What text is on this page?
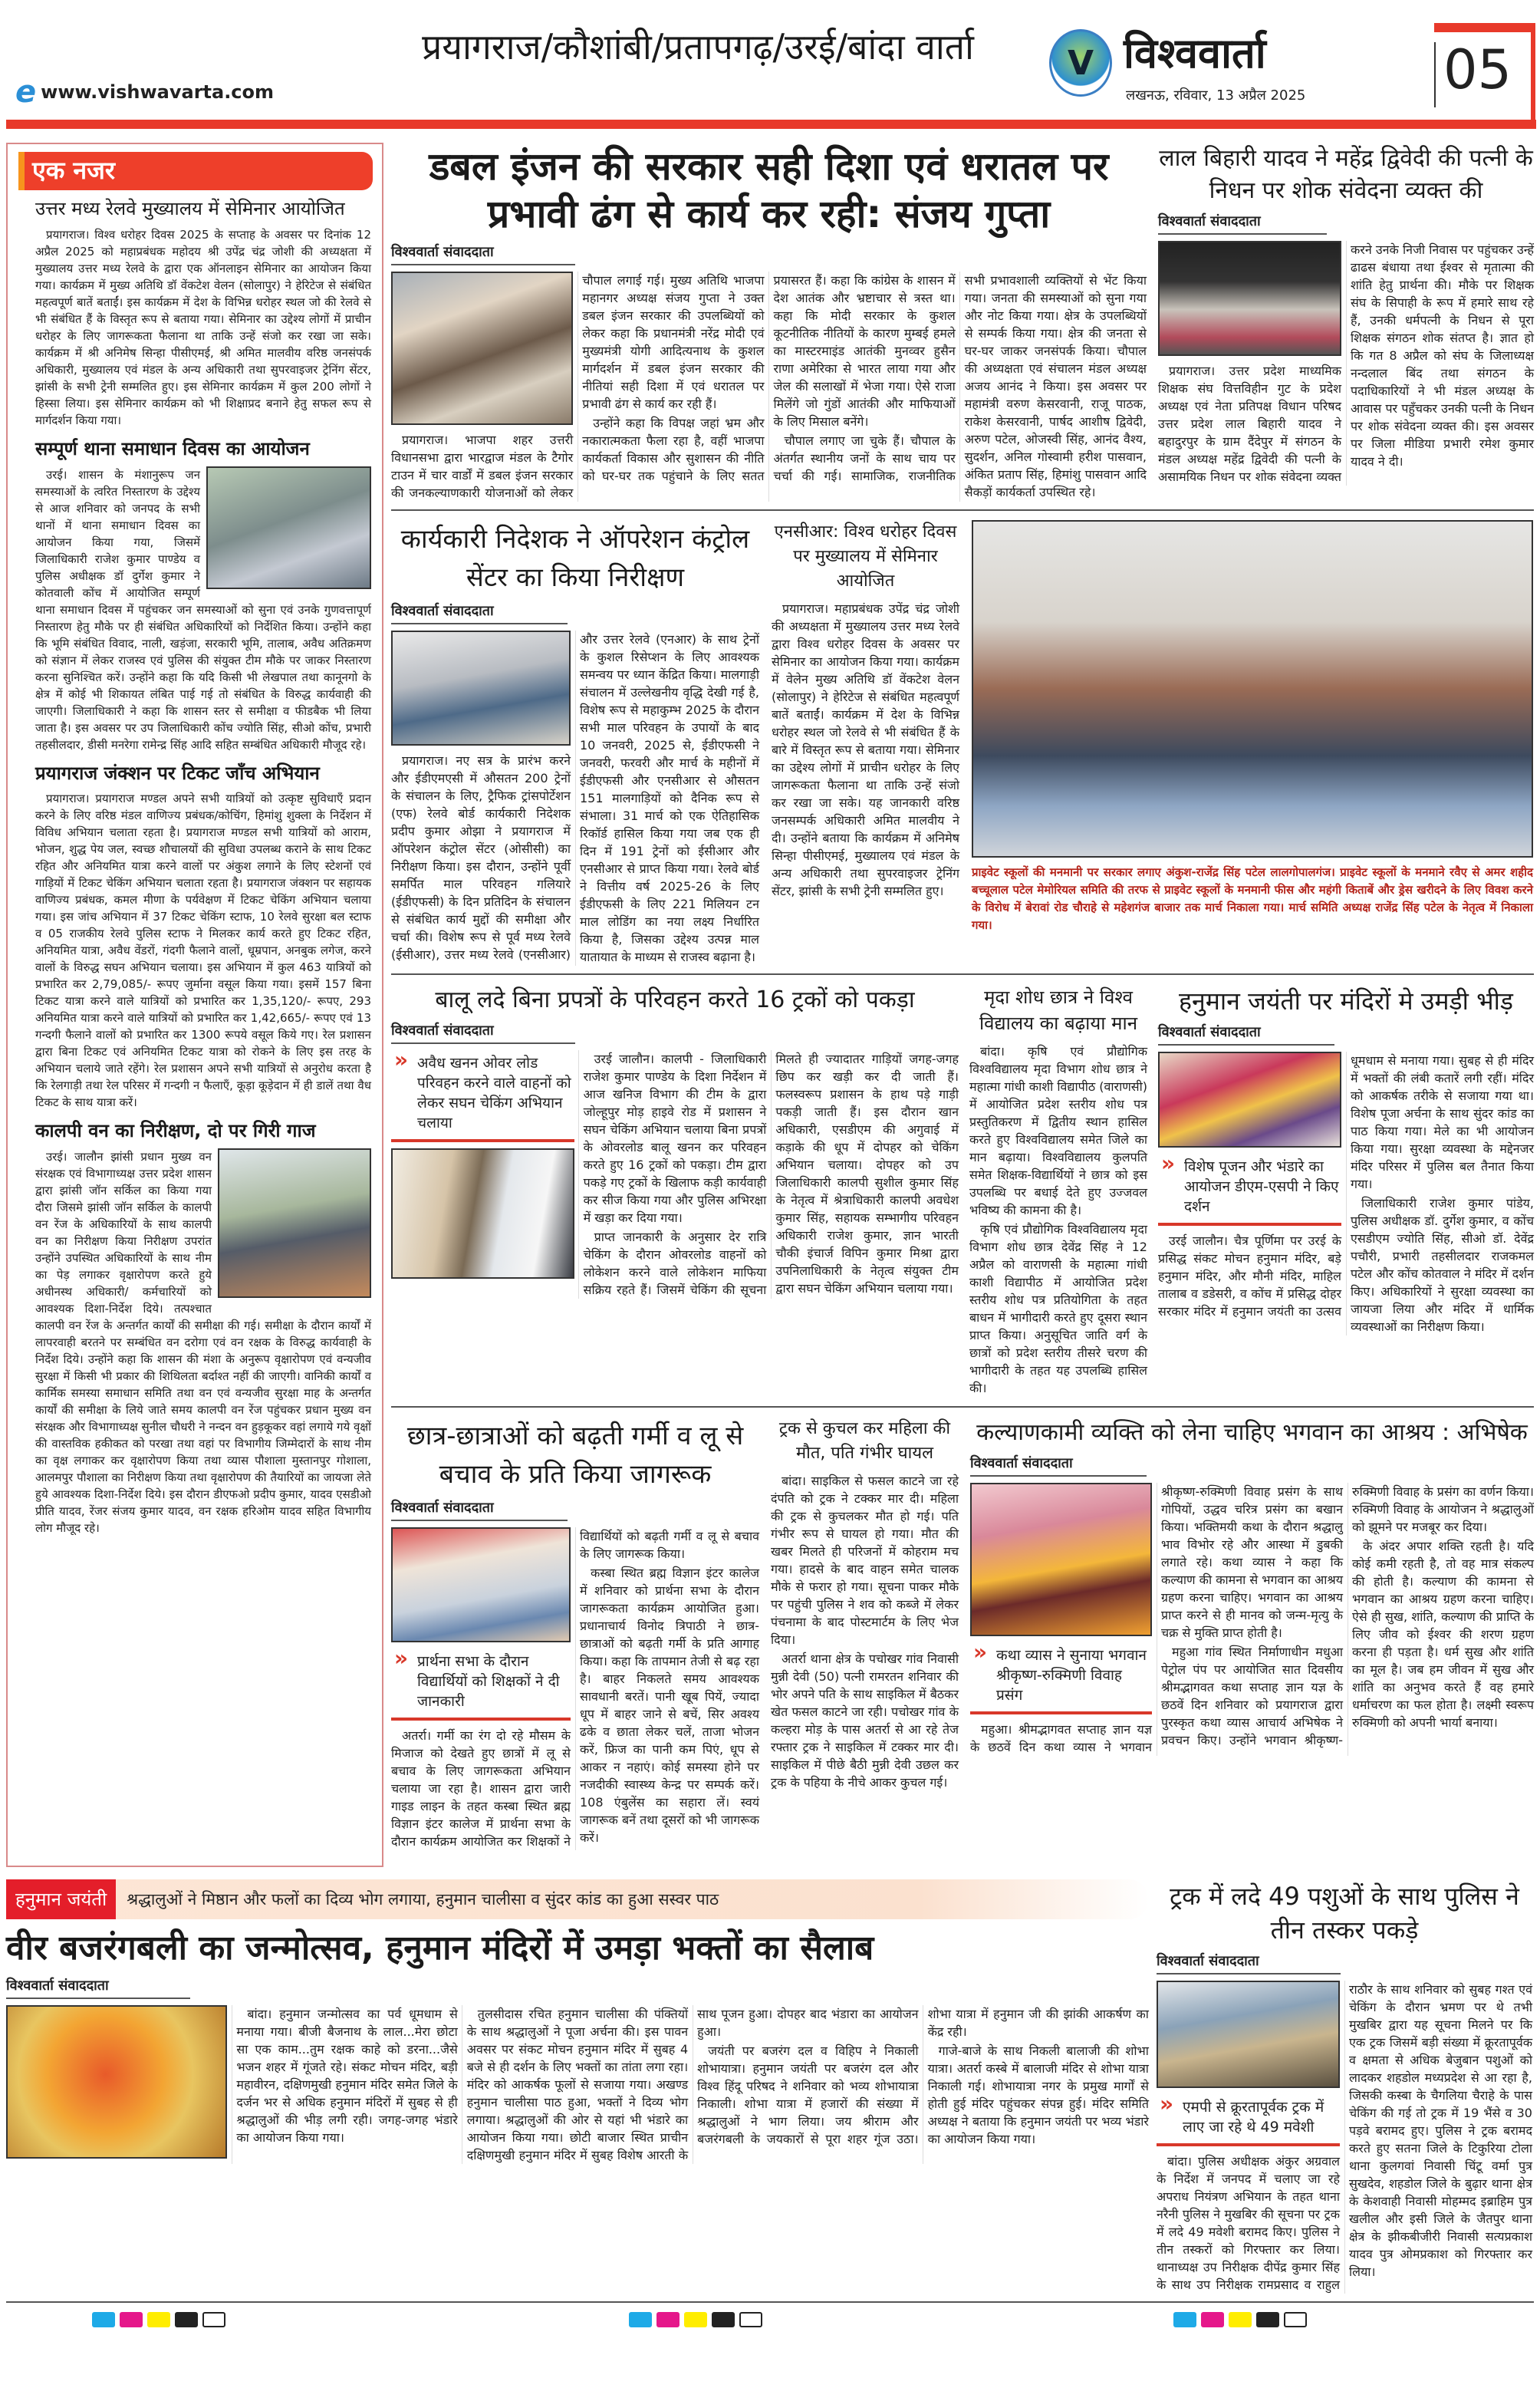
e www.vishwavarta.com
प्रयागराज/कौशांबी/प्रतापगढ़/उरई/बांदा वार्ता	V विश्ववार्ता
लखनऊ, रविवार, 13 अप्रैल 2025	05
एक नजर
उत्तर मध्य रेलवे मुख्यालय में सेमिनार आयोजित

प्रयागराज। विश्व धरोहर दिवस 2025 के सप्ताह के अवसर पर दिनांक 12 अप्रैल 2025 को महाप्रबंधक महोदय श्री उपेंद्र चंद्र जोशी की अध्यक्षता में मुख्यालय उत्तर मध्य रेलवे के द्वारा एक ऑनलाइन सेमिनार का आयोजन किया गया। कार्यक्रम में मुख्य अतिथि डॉ वेंकटेश वेलन (सोलापुर) ने हेरिटेज से संबंधित महत्वपूर्ण बातें बताईं। इस कार्यक्रम में देश के विभिन्न धरोहर स्थल जो की रेलवे से भी संबंधित हैं के विस्तृत रूप से बताया गया। सेमिनार का उद्देश्य लोगों में प्राचीन धरोहर के लिए जागरूकता फैलाना था ताकि उन्हें संजो कर रखा जा सके। कार्यक्रम में श्री अनिमेष सिन्हा पीसीएमई, श्री अमित मालवीय वरिष्ठ जनसंपर्क अधिकारी, मुख्यालय एवं मंडल के अन्य अधिकारी तथा सुपरवाइजर ट्रेनिंग सेंटर, झांसी के सभी ट्रेनी सम्मलित हुए। इस सेमिनार कार्यक्रम में कुल 200 लोगों ने हिस्सा लिया। इस सेमिनार कार्यक्रम को भी शिक्षाप्रद बनाने हेतु सफल रूप से मार्गदर्शन किया गया।

सम्पूर्ण थाना समाधान दिवस का आयोजन

उरई। शासन के मंशानुरूप जन समस्याओं के त्वरित निस्तारण के उद्देश्य से आज शनिवार को जनपद के सभी थानों में थाना समाधान दिवस का आयोजन किया गया, जिसमें जिलाधिकारी राजेश कुमार पाण्डेय व पुलिस अधीक्षक डॉ दुर्गेश कुमार ने कोतवाली कोंच में आयोजित सम्पूर्ण थाना समाधान दिवस में पहुंचकर जन समस्याओं को सुना एवं उनके गुणवत्तापूर्ण निस्तारण हेतु मौके पर ही संबंधित अधिकारियों को निर्देशित किया। उन्होंने कहा कि भूमि संबंधित विवाद, नाली, खड़ंजा, सरकारी भूमि, तालाब, अवैध अतिक्रमण को संज्ञान में लेकर राजस्व एवं पुलिस की संयुक्त टीम मौके पर जाकर निस्तारण करना सुनिश्चित करें। उन्होंने कहा कि यदि किसी भी लेखपाल तथा कानूनगो के क्षेत्र में कोई भी शिकायत लंबित पाई गई तो संबंधित के विरुद्ध कार्यवाही की जाएगी। जिलाधिकारी ने कहा कि शासन स्तर से समीक्षा व फीडबैक भी लिया जाता है। इस अवसर पर उप जिलाधिकारी कोंच ज्योति सिंह, सीओ कोंच, प्रभारी तहसीलदार, डीसी मनरेगा रामेन्द्र सिंह आदि सहित सम्बंधित अधिकारी मौजूद रहे।

प्रयागराज जंक्शन पर टिकट जाँच अभियान

प्रयागराज। प्रयागराज मण्डल अपने सभी यात्रियों को उत्कृष्ट सुविधाएँ प्रदान करने के लिए वरिष्ठ मंडल वाणिज्य प्रबंधक/कोचिंग, हिमांशु शुक्ला के निर्देशन में विविध अभियान चलाता रहता है। प्रयागराज मण्डल सभी यात्रियों को आराम, भोजन, शुद्ध पेय जल, स्वच्छ शौचालयों की सुविधा उपलब्ध कराने के साथ टिकट रहित और अनियमित यात्रा करने वालों पर अंकुश लगाने के लिए स्टेशनों एवं गाड़ियों में टिकट चेकिंग अभियान चलाता रहता है। प्रयागराज जंक्शन पर सहायक वाणिज्य प्रबंधक, कमल मीणा के पर्यवेक्षण में टिकट चेकिंग अभियान चलाया गया। इस जांच अभियान में 37 टिकट चेकिंग स्टाफ, 10 रेलवे सुरक्षा बल स्टाफ व 05 राजकीय रेलवे पुलिस स्टाफ ने मिलकर कार्य करते हुए टिकट रहित, अनियमित यात्रा, अवैध वेंडरों, गंदगी फैलाने वालों, धूम्रपान, अनबुक लगेज, करने वालों के विरुद्ध सघन अभियान चलाया। इस अभियान में कुल 463 यात्रियों को प्रभारित कर 2,79,085/- रूपए जुर्माना वसूल किया गया। इसमें 157 बिना टिकट यात्रा करने वाले यात्रियों को प्रभारित कर 1,35,120/- रूपए, 293 अनियमित यात्रा करने वाले यात्रियों को प्रभारित कर 1,42,665/- रूपए एवं 13 गन्दगी फैलाने वालों को प्रभारित कर 1300 रूपये वसूल किये गए। रेल प्रशासन द्वारा बिना टिकट एवं अनियमित टिकट यात्रा को रोकने के लिए इस तरह के अभियान चलाये जाते रहेंगे। रेल प्रशासन अपने सभी यात्रियों से अनुरोध करता है कि रेलगाड़ी तथा रेल परिसर में गन्दगी न फैलाएँ, कूड़ा कूड़ेदान में ही डालें तथा वैध टिकट के साथ यात्रा करें।

कालपी वन का निरीक्षण, दो पर गिरी गाज

उरई। जालौन झांसी प्रधान मुख्य वन संरक्षक एवं विभागाध्यक्ष उत्तर प्रदेश शासन द्वारा झांसी जॉन सर्किल का किया गया दौरा जिसमे झांसी जॉन सर्किल के कालपी वन रेंज के अधिकारियों के साथ कालपी वन का निरीक्षण किया निरीक्षण उपरांत उन्होंने उपस्थित अधिकारियों के साथ नीम का पेड़ लगाकर वृक्षारोपण करते हुये अधीनस्थ अधिकारी/ कर्मचारियों को आवश्यक दिशा-निर्देश दिये। तत्पश्चात कालपी वन रेंज के अन्तर्गत कार्यों की समीक्षा की गई। समीक्षा के दौरान कार्यों में लापरवाही बरतने पर सम्बंधित वन दरोगा एवं वन रक्षक के विरुद्ध कार्यवाही के निर्देश दिये। उन्होंने कहा कि शासन की मंशा के अनुरूप वृक्षारोपण एवं वन्यजीव सुरक्षा में किसी भी प्रकार की शिथिलता बर्दाश्त नहीं की जाएगी। वानिकी कार्यों व कार्मिक समस्या समाधान समिति तथा वन एवं वन्यजीव सुरक्षा माह के अन्तर्गत कार्यों की समीक्षा के लिये जाते समय कालपी वन रेंज पहुंचकर प्रधान मुख्य वन संरक्षक और विभागाध्यक्ष सुनील चौधरी ने नन्दन वन हुड़कूकर वहां लगाये गये वृक्षों की वास्तविक हकीकत को परखा तथा वहां पर विभागीय जिम्मेदारों के साथ नीम का वृक्ष लगाकर कर वृक्षारोपण किया तथा व्यास पौशाला मुस्तानपुर गोशाला, आलमपुर पौशाला का निरीक्षण किया तथा वृक्षारोपण की तैयारियों का जायजा लेते हुये आवश्यक दिशा-निर्देश दिये। इस दौरान डीएफओ प्रदीप कुमार, यादव एसडीओ प्रीति यादव, रेंजर संजय कुमार यादव, वन रक्षक हरिओम यादव सहित विभागीय लोग मौजूद रहे।

डबल इंजन की सरकार सही दिशा एवं धरातल पर प्रभावी ढंग से कार्य कर रही: संजय गुप्ता
विश्ववार्ता संवाददाता

प्रयागराज। भाजपा शहर उत्तरी विधानसभा द्वारा भारद्वाज मंडल के टैगोर टाउन में चार वार्डों में डबल इंजन सरकार की जनकल्याणकारी योजनाओं को लेकर चौपाल लगाई गई। मुख्य अतिथि भाजपा महानगर अध्यक्ष संजय गुप्ता ने उक्त डबल इंजन सरकार की उपलब्धियों को लेकर कहा कि प्रधानमंत्री नरेंद्र मोदी एवं मुख्यमंत्री योगी आदित्यनाथ के कुशल मार्गदर्शन में डबल इंजन सरकार की नीतियां सही दिशा में एवं धरातल पर प्रभावी ढंग से कार्य कर रही हैं।

उन्होंने कहा कि विपक्ष जहां भ्रम और नकारात्मकता फैला रहा है, वहीं भाजपा कार्यकर्ता विकास और सुशासन की नीति को घर-घर तक पहुंचाने के लिए सतत प्रयासरत हैं। कहा कि कांग्रेस के शासन में देश आतंक और भ्रष्टाचार से त्रस्त था। कहा कि मोदी सरकार के कुशल कूटनीतिक नीतियों के कारण मुम्बई हमले का मास्टरमाइंड आतंकी मुनव्वर हुसैन राणा अमेरिका से भारत लाया गया और जेल की सलाखों में भेजा गया। ऐसे राजा मिलेंगे जो गुंडों आतंकी और माफियाओं के लिए मिसाल बनेंगे।

चौपाल लगाए जा चुके हैं। चौपाल के अंतर्गत स्थानीय जनों के साथ चाय पर चर्चा की गई। सामाजिक, राजनीतिक सभी प्रभावशाली व्यक्तियों से भेंट किया गया। जनता की समस्याओं को सुना गया और नोट किया गया। क्षेत्र के उपलब्धियों से सम्पर्क किया गया। क्षेत्र की जनता से घर-घर जाकर जनसंपर्क किया। चौपाल की अध्यक्षता एवं संचालन मंडल अध्यक्ष अजय आनंद ने किया। इस अवसर पर महामंत्री वरुण केसरवानी, राजू पाठक, राकेश केसरवानी, पार्षद आशीष द्विवेदी, अरुण पटेल, ओजस्वी सिंह, आनंद वैश्य, सुदर्शन, अनिल गोस्वामी हरीश पासवान, अंकित प्रताप सिंह, हिमांशु पासवान आदि सैकड़ों कार्यकर्ता उपस्थित रहे।

लाल बिहारी यादव ने महेंद्र द्विवेदी की पत्नी के निधन पर शोक संवेदना व्यक्त की
विश्ववार्ता संवाददाता

प्रयागराज। उत्तर प्रदेश माध्यमिक शिक्षक संघ वित्तविहीन गुट के प्रदेश अध्यक्ष एवं नेता प्रतिपक्ष विधान परिषद उत्तर प्रदेश लाल बिहारी यादव ने बहादुरपुर के ग्राम दैंदेपुर में संगठन के मंडल अध्यक्ष महेंद्र द्विवेदी की पत्नी के असामयिक निधन पर शोक संवेदना व्यक्त करने उनके निजी निवास पर पहुंचकर उन्हें ढाढस बंधाया तथा ईश्वर से मृतात्मा की शांति हेतु प्रार्थना की। मौके पर शिक्षक संघ के सिपाही के रूप में हमारे साथ रहे हैं, उनकी धर्मपत्नी के निधन से पूरा शिक्षक संगठन शोक संतप्त है। ज्ञात हो कि गत 8 अप्रैल को संघ के जिलाध्यक्ष नन्दलाल बिंद तथा संगठन के पदाधिकारियों ने भी मंडल अध्यक्ष के आवास पर पहुँचकर उनकी पत्नी के निधन पर शोक संवेदना व्यक्त की। इस अवसर पर जिला मीडिया प्रभारी रमेश कुमार यादव ने दी।

कार्यकारी निदेशक ने ऑपरेशन कंट्रोल सेंटर का किया निरीक्षण
विश्ववार्ता संवाददाता

प्रयागराज। नए सत्र के प्रारंभ करने और ईडीएमएसी में औसतन 200 ट्रेनों के संचालन के लिए, ट्रैफिक ट्रांसपोर्टेशन (एफ) रेलवे बोर्ड कार्यकारी निदेशक प्रदीप कुमार ओझा ने प्रयागराज में ऑपरेशन कंट्रोल सेंटर (ओसीसी) का निरीक्षण किया। इस दौरान, उन्होंने पूर्वी समर्पित माल परिवहन गलियारे (ईडीएफसी) के दिन प्रतिदिन के संचालन से संबंधित कार्य मुद्दों की समीक्षा और चर्चा की। विशेष रूप से पूर्व मध्य रेलवे (ईसीआर), उत्तर मध्य रेलवे (एनसीआर) और उत्तर रेलवे (एनआर) के साथ ट्रेनों के कुशल रिसेप्शन के लिए आवश्यक समन्वय पर ध्यान केंद्रित किया। मालगाड़ी संचालन में उल्लेखनीय वृद्धि देखी गई है, विशेष रूप से महाकुम्भ 2025 के दौरान सभी माल परिवहन के उपायों के बाद 10 जनवरी, 2025 से, ईडीएफसी ने जनवरी, फरवरी और मार्च के महीनों में ईडीएफसी और एनसीआर से औसतन 151 मालगाड़ियों को दैनिक रूप से संभाला। 31 मार्च को एक ऐतिहासिक रिकॉर्ड हासिल किया गया जब एक ही दिन में 191 ट्रेनों को ईसीआर और एनसीआर से प्राप्त किया गया। रेलवे बोर्ड ने वित्तीय वर्ष 2025-26 के लिए ईडीएफसी के लिए 221 मिलियन टन माल लोडिंग का नया लक्ष्य निर्धारित किया है, जिसका उद्देश्य उत्पन्न माल यातायात के माध्यम से राजस्व बढ़ाना है।

एनसीआर: विश्व धरोहर दिवस पर मुख्यालय में सेमिनार आयोजित

प्रयागराज। महाप्रबंधक उपेंद्र चंद्र जोशी की अध्यक्षता में मुख्यालय उत्तर मध्य रेलवे द्वारा विश्व धरोहर दिवस के अवसर पर सेमिनार का आयोजन किया गया। कार्यक्रम में वेलेन मुख्य अतिथि डॉ वेंकटेश वेलन (सोलापुर) ने हेरिटेज से संबंधित महत्वपूर्ण बातें बताईं। कार्यक्रम में देश के विभिन्न धरोहर स्थल जो रेलवे से भी संबंधित हैं के बारे में विस्तृत रूप से बताया गया। सेमिनार का उद्देश्य लोगों में प्राचीन धरोहर के लिए जागरूकता फैलाना था ताकि उन्हें संजो कर रखा जा सके। यह जानकारी वरिष्ठ जनसम्पर्क अधिकारी अमित मालवीय ने दी। उन्होंने बताया कि कार्यक्रम में अनिमेष सिन्हा पीसीएमई, मुख्यालय एवं मंडल के अन्य अधिकारी तथा सुपरवाइजर ट्रेनिंग सेंटर, झांसी के सभी ट्रेनी सम्मलित हुए।

प्राइवेट स्कूलों की मनमानी पर सरकार लगाए अंकुश-राजेंद्र सिंह पटेल लालगोपालगंज। प्राइवेट स्कूलों के मनमाने रवैए से अमर शहीद बच्चूलाल पटेल मेमोरियल समिति की तरफ से प्राइवेट स्कूलों के मनमानी फीस और महंगी किताबें और ड्रेस खरीदने के लिए विवश करने के विरोध में बेरावां रोड चौराहे से महेशगंज बाजार तक मार्च निकाला गया। मार्च समिति अध्यक्ष राजेंद्र सिंह पटेल के नेतृत्व में निकाला गया।
बालू लदे बिना प्रपत्रों के परिवहन करते 16 ट्रकों को पकड़ा
विश्ववार्ता संवाददाता
» अवैध खनन ओवर लोड परिवहन करने वाले वाहनों को लेकर सघन चेकिंग अभियान चलाया

उरई जालौन। कालपी - जिलाधिकारी राजेश कुमार पाण्डेय के दिशा निर्देशन में आज खनिज विभाग की टीम के द्वारा जोल्हूपुर मोड़ हाइवे रोड में प्रशासन ने सघन चेकिंग अभियान चलाया बिना प्रपत्रों के ओवरलोड बालू खनन कर परिवहन करते हुए 16 ट्रकों को पकड़ा। टीम द्वारा पकड़े गए ट्रकों के खिलाफ कड़ी कार्यवाही कर सीज किया गया और पुलिस अभिरक्षा में खड़ा कर दिया गया।

प्राप्त जानकारी के अनुसार देर रात्रि चेकिंग के दौरान ओवरलोड वाहनों को लोकेशन करने वाले लोकेशन माफिया सक्रिय रहते हैं। जिसमें चेकिंग की सूचना मिलते ही ज्यादातर गाड़ियों जगह-जगह छिप कर खड़ी कर दी जाती हैं। फलस्वरूप प्रशासन के हाथ पड़े गाड़ी पकड़ी जाती हैं। इस दौरान खान अधिकारी, एसडीएम की अगुवाई में कड़ाके की धूप में दोपहर को चेकिंग अभियान चलाया। दोपहर को उप जिलाधिकारी कालपी सुशील कुमार सिंह के नेतृत्व में श्रेत्राधिकारी कालपी अवधेश कुमार सिंह, सहायक सम्भागीय परिवहन अधिकारी राजेश कुमार, ज्ञान भारती चौकी इंचार्ज विपिन कुमार मिश्रा द्वारा उपनिलाधिकारी के नेतृत्व संयुक्त टीम द्वारा सघन चेकिंग अभियान चलाया गया।

मृदा शोध छात्र ने विश्व विद्यालय का बढ़ाया मान

बांदा। कृषि एवं प्रौद्योगिक विश्वविद्यालय मृदा विभाग शोध छात्र ने महात्मा गांधी काशी विद्यापीठ (वाराणसी) में आयोजित प्रदेश स्तरीय शोध पत्र प्रस्तुतिकरण में द्वितीय स्थान हासिल करते हुए विश्वविद्यालय समेत जिले का मान बढ़ाया। विश्वविद्यालय कुलपति समेत शिक्षक-विद्यार्थियों ने छात्र को इस उपलब्धि पर बधाई देते हुए उज्जवल भविष्य की कामना की है।

कृषि एवं प्रौद्योगिक विश्वविद्यालय मृदा विभाग शोध छात्र देवेंद्र सिंह ने 12 अप्रैल को वाराणसी के महात्मा गांधी काशी विद्यापीठ में आयोजित प्रदेश स्तरीय शोध पत्र प्रतियोगिता के तहत बाधन में भागीदारी करते हुए दूसरा स्थान प्राप्त किया। अनुसूचित जाति वर्ग के छात्रों को प्रदेश स्तरीय तीसरे चरण की भागीदारी के तहत यह उपलब्धि हासिल की।

हनुमान जयंती पर मंदिरों मे उमड़ी भीड़
विश्ववार्ता संवाददाता
» विशेष पूजन और भंडारे का आयोजन डीएम-एसपी ने किए दर्शन

उरई जालौन। चैत्र पूर्णिमा पर उरई के प्रसिद्ध संकट मोचन हनुमान मंदिर, बड़े हनुमान मंदिर, और मौनी मंदिर, माहिल तालाब व डडेसरी, व कोंच में प्रसिद्ध दोहर सरकार मंदिर में हनुमान जयंती का उत्सव धूमधाम से मनाया गया। सुबह से ही मंदिर में भक्तों की लंबी कतारें लगी रहीं। मंदिर को आकर्षक तरीके से सजाया गया था। विशेष पूजा अर्चना के साथ सुंदर कांड का पाठ किया गया। मेले का भी आयोजन किया गया। सुरक्षा व्यवस्था के मद्देनजर मंदिर परिसर में पुलिस बल तैनात किया गया।

जिलाधिकारी राजेश कुमार पांडेय, पुलिस अधीक्षक डॉ. दुर्गेश कुमार, व कोंच एसडीएम ज्योति सिंह, सीओ डॉ. देवेंद्र पचौरी, प्रभारी तहसीलदार राजकमल पटेल और कोंच कोतवाल ने मंदिर में दर्शन किए। अधिकारियों ने सुरक्षा व्यवस्था का जायजा लिया और मंदिर में धार्मिक व्यवस्थाओं का निरीक्षण किया।

छात्र-छात्राओं को बढ़ती गर्मी व लू से बचाव के प्रति किया जागरूक
विश्ववार्ता संवाददाता
» प्रार्थना सभा के दौरान विद्यार्थियों को शिक्षकों ने दी जानकारी

अतर्रा। गर्मी का रंग दो रहे मौसम के मिजाज को देखते हुए छात्रों में लू से बचाव के लिए जागरूकता अभियान चलाया जा रहा है। शासन द्वारा जारी गाइड लाइन के तहत कस्बा स्थित ब्रह्म विज्ञान इंटर कालेज में प्रार्थना सभा के दौरान कार्यक्रम आयोजित कर शिक्षकों ने विद्यार्थियों को बढ़ती गर्मी व लू से बचाव के लिए जागरूक किया।

कस्बा स्थित ब्रह्म विज्ञान इंटर कालेज में शनिवार को प्रार्थना सभा के दौरान जागरूकता कार्यक्रम आयोजित हुआ। प्रधानाचार्य विनोद त्रिपाठी ने छात्र-छात्राओं को बढ़ती गर्मी के प्रति आगाह किया। कहा कि तापमान तेजी से बढ़ रहा है। बाहर निकलते समय आवश्यक सावधानी बरतें। पानी खूब पियें, ज्यादा धूप में बाहर जाने से बचें, सिर अवश्य ढके व छाता लेकर चलें, ताजा भोजन करें, फ्रिज का पानी कम पिएं, धूप से आकर न नहाएं। कोई समस्या होने पर नजदीकी स्वास्थ्य केन्द्र पर सम्पर्क करें। 108 एंबुलेंस का सहारा लें। स्वयं जागरूक बनें तथा दूसरों को भी जागरूक करें।

ट्रक से कुचल कर महिला की मौत, पति गंभीर घायल

बांदा। साइकिल से फसल काटने जा रहे दंपति को ट्रक ने टक्कर मार दी। महिला की ट्रक से कुचलकर मौत हो गई। पति गंभीर रूप से घायल हो गया। मौत की खबर मिलते ही परिजनों में कोहराम मच गया। हादसे के बाद वाहन समेत चालक मौके से फरार हो गया। सूचना पाकर मौके पर पहुंची पुलिस ने शव को कब्जे में लेकर पंचनामा के बाद पोस्टमार्टम के लिए भेज दिया।

अतर्रा थाना क्षेत्र के पचोखर गांव निवासी मुन्नी देवी (50) पत्नी रामरतन शनिवार की भोर अपने पति के साथ साइकिल में बैठकर खेत फसल काटने जा रही। पचोखर गांव के कल्हरा मोड़ के पास अतर्रा से आ रहे तेज रफ्तार ट्रक ने साइकिल में टक्कर मार दी। साइकिल में पीछे बैठी मुन्नी देवी उछल कर ट्रक के पहिया के नीचे आकर कुचल गई।

कल्याणकामी व्यक्ति को लेना चाहिए भगवान का आश्रय : अभिषेक
विश्ववार्ता संवाददाता
» कथा व्यास ने सुनाया भगवान श्रीकृष्ण-रुक्मिणी विवाह प्रसंग

महुआ। श्रीमद्भागवत सप्ताह ज्ञान यज्ञ के छठवें दिन कथा व्यास ने भगवान श्रीकृष्ण-रुक्मिणी विवाह प्रसंग के साथ गोपियों, उद्धव चरित्र प्रसंग का बखान किया। भक्तिमयी कथा के दौरान श्रद्धालु भाव विभोर रहे और आस्था में डुबकी लगाते रहे। कथा व्यास ने कहा कि कल्याण की कामना से भगवान का आश्रय ग्रहण करना चाहिए। भगवान का आश्रय प्राप्त करने से ही मानव को जन्म-मृत्यु के चक्र से मुक्ति प्राप्त होती है।

महुआ गांव स्थित निर्माणाधीन मधुआ पेट्रोल पंप पर आयोजित सात दिवसीय श्रीमद्भागवत कथा सप्ताह ज्ञान यज्ञ के छठवें दिन शनिवार को प्रयागराज द्वारा पुरस्कृत कथा व्यास आचार्य अभिषेक ने प्रवचन किए। उन्होंने भगवान श्रीकृष्ण-रुक्मिणी विवाह के प्रसंग का वर्णन किया। रुक्मिणी विवाह के आयोजन ने श्रद्धालुओं को झूमने पर मजबूर कर दिया।

के अंदर अपार शक्ति रहती है। यदि कोई कमी रहती है, तो वह मात्र संकल्प की होती है। कल्याण की कामना से भगवान का आश्रय ग्रहण करना चाहिए। ऐसे ही सुख, शांति, कल्याण की प्राप्ति के लिए जीव को ईश्वर की शरण ग्रहण करना ही पड़ता है। धर्म सुख और शांति का मूल है। जब हम जीवन में सुख और शांति का अनुभव करते हैं वह हमारे धर्माचरण का फल होता है। लक्ष्मी स्वरूप रुक्मिणी को अपनी भार्या बनाया।

हनुमान जयंती	श्रद्धालुओं ने मिष्ठान और फलों का दिव्य भोग लगाया, हनुमान चालीसा व सुंदर कांड का हुआ सस्वर पाठ
वीर बजरंगबली का जन्मोत्सव, हनुमान मंदिरों में उमड़ा भक्तों का सैलाब
विश्ववार्ता संवाददाता

बांदा। हनुमान जन्मोत्सव का पर्व धूमधाम से मनाया गया। बीजी बैजनाथ के लाल...मेरा छोटा सा एक काम...तुम रक्षक काहे को डरना...जैसे भजन शहर में गूंजते रहे। संकट मोचन मंदिर, बड़ी महावीरन, दक्षिणमुखी हनुमान मंदिर समेत जिले के दर्जन भर से अधिक हनुमान मंदिरों में सुबह से ही श्रद्धालुओं की भीड़ लगी रही। जगह-जगह भंडारे का आयोजन किया गया।

तुलसीदास रचित हनुमान चालीसा की पंक्तियों के साथ श्रद्धालुओं ने पूजा अर्चना की। इस पावन अवसर पर संकट मोचन हनुमान मंदिर में सुबह 4 बजे से ही दर्शन के लिए भक्तों का तांता लगा रहा। मंदिर को आकर्षक फूलों से सजाया गया। अखण्ड हनुमान चालीसा पाठ हुआ, भक्तों ने दिव्य भोग लगाया। श्रद्धालुओं की ओर से यहां भी भंडारे का आयोजन किया गया। छोटी बाजार स्थित प्राचीन दक्षिणमुखी हनुमान मंदिर में सुबह विशेष आरती के साथ पूजन हुआ। दोपहर बाद भंडारा का आयोजन हुआ।

जयंती पर बजरंग दल व विहिप ने निकाली शोभायात्रा। हनुमान जयंती पर बजरंग दल और विश्व हिंदू परिषद ने शनिवार को भव्य शोभायात्रा निकाली। शोभा यात्रा में हजारों की संख्या में श्रद्धालुओं ने भाग लिया। जय श्रीराम और बजरंगबली के जयकारों से पूरा शहर गूंज उठा। शोभा यात्रा में हनुमान जी की झांकी आकर्षण का केंद्र रही।

गाजे-बाजे के साथ निकली बालाजी की शोभा यात्रा। अतर्रा कस्बे में बालाजी मंदिर से शोभा यात्रा निकाली गई। शोभायात्रा नगर के प्रमुख मार्गों से होती हुई मंदिर पहुंचकर संपन्न हुई। मंदिर समिति अध्यक्ष ने बताया कि हनुमान जयंती पर भव्य भंडारे का आयोजन किया गया।

ट्रक में लदे 49 पशुओं के साथ पुलिस ने तीन तस्कर पकड़े
विश्ववार्ता संवाददाता
» एमपी से क्रूरतापूर्वक ट्रक में लाए जा रहे थे 49 मवेशी

बांदा। पुलिस अधीक्षक अंकुर अग्रवाल के निर्देश में जनपद में चलाए जा रहे अपराध नियंत्रण अभियान के तहत थाना नरैनी पुलिस ने मुखबिर की सूचना पर ट्रक में लदे 49 मवेशी बरामद किए। पुलिस ने तीन तस्करों को गिरफ्तार कर लिया। थानाध्यक्ष उप निरीक्षक दीपेंद्र कुमार सिंह के साथ उप निरीक्षक रामप्रसाद व राहुल राठौर के साथ शनिवार को सुबह गश्त एवं चेकिंग के दौरान भ्रमण पर थे तभी मुखबिर द्वारा यह सूचना मिलने पर कि एक ट्रक जिसमें बड़ी संख्या में क्रूरतापूर्वक व क्षमता से अधिक बेजुबान पशुओं को लादकर शहडोल मध्यप्रदेश से आ रहा है, जिसकी कस्बा के चैगलिया चैराहे के पास चेकिंग की गई तो ट्रक में 19 भैंसे व 30 पड़वे बरामद हुए। पुलिस ने ट्रक बरामद करते हुए सतना जिले के टिकुरिया टोला थाना कुलगवां निवासी चिंटू वर्मा पुत्र सुखदेव, शहडोल जिले के बुढ़ार थाना क्षेत्र के केशवाही निवासी मोहम्मद इब्राहिम पुत्र खलील और इसी जिले के जैतपुर थाना क्षेत्र के झीकबीजीरी निवासी सत्यप्रकाश यादव पुत्र ओमप्रकाश को गिरफ्तार कर लिया।
